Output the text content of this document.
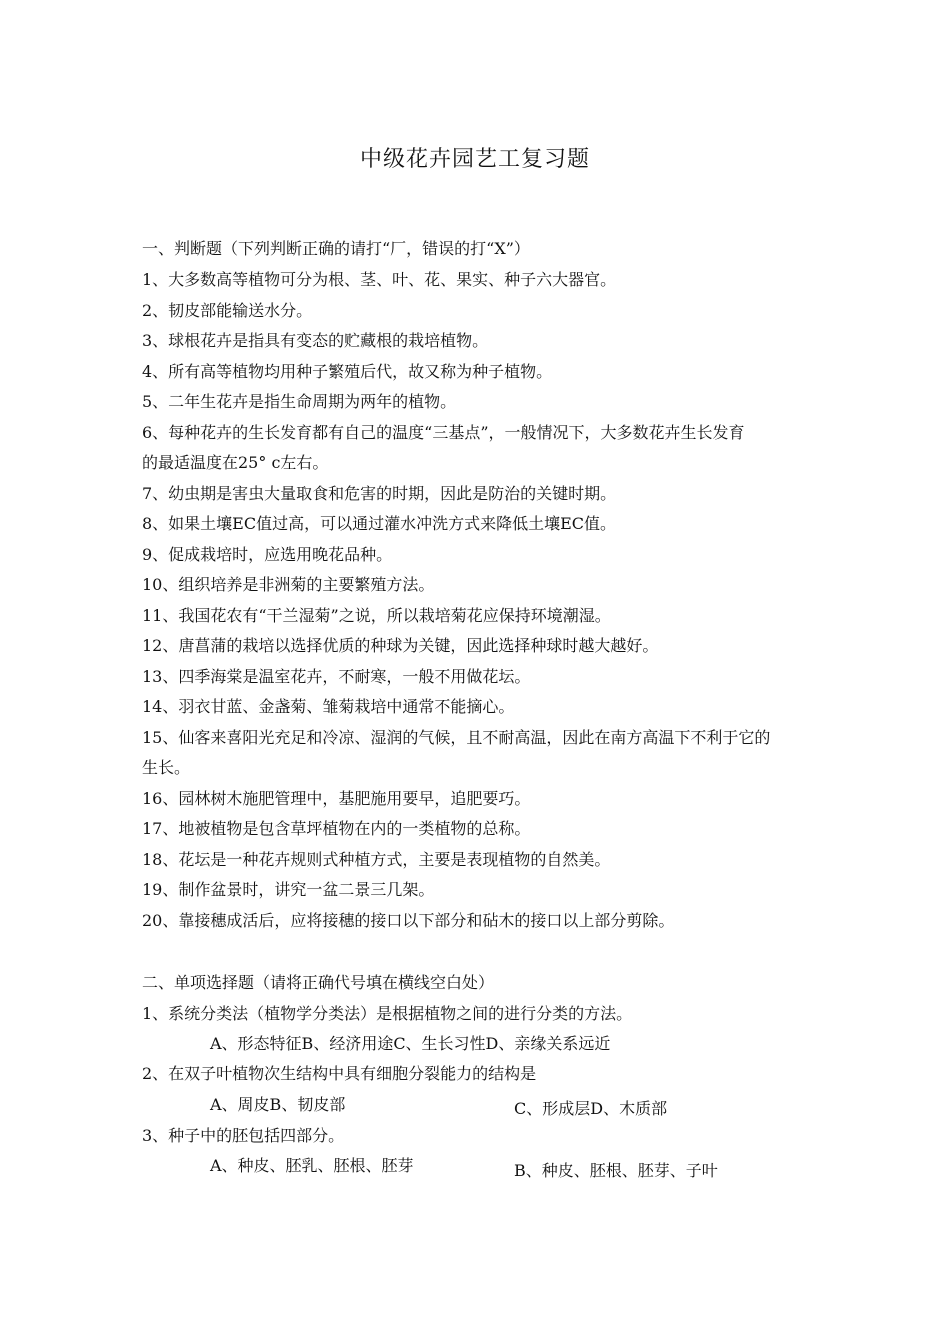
中级花卉园艺工复习题
一、判断题（下列判断正确的请打“厂，错误的打“X”）
1、大多数高等植物可分为根、茎、叶、花、果实、种子六大器官。
2、韧皮部能输送水分。
3、球根花卉是指具有变态的贮藏根的栽培植物。
4、所有高等植物均用种子繁殖后代，故又称为种子植物。
5、二年生花卉是指生命周期为两年的植物。
6、每种花卉的生长发育都有自己的温度“三基点”，一般情况下，大多数花卉生长发育
的最适温度在25° c左右。
7、幼虫期是害虫大量取食和危害的时期，因此是防治的关键时期。
8、如果土壤EC值过高，可以通过灌水冲洗方式来降低土壤EC值。
9、促成栽培时，应选用晚花品种。
10、组织培养是非洲菊的主要繁殖方法。
11、我国花农有“干兰湿菊”之说，所以栽培菊花应保持环境潮湿。
12、唐菖蒲的栽培以选择优质的种球为关键，因此选择种球时越大越好。
13、四季海棠是温室花卉，不耐寒，一般不用做花坛。
14、羽衣甘蓝、金盏菊、雏菊栽培中通常不能摘心。
15、仙客来喜阳光充足和冷凉、湿润的气候，且不耐高温，因此在南方高温下不利于它的
生长。
16、园林树木施肥管理中，基肥施用要早，追肥要巧。
17、地被植物是包含草坪植物在内的一类植物的总称。
18、花坛是一种花卉规则式种植方式，主要是表现植物的自然美。
19、制作盆景时，讲究一盆二景三几架。
20、靠接穗成活后，应将接穗的接口以下部分和砧木的接口以上部分剪除。
二、单项选择题（请将正确代号填在横线空白处）
1、系统分类法（植物学分类法）是根据植物之间的进行分类的方法。
A、形态特征B、经济用途C、生长习性D、亲缘关系远近
2、在双子叶植物次生结构中具有细胞分裂能力的结构是
A、周皮B、韧皮部	C、形成层D、木质部
3、种子中的胚包括四部分。
A、种皮、胚乳、胚根、胚芽	B、种皮、胚根、胚芽、子叶
